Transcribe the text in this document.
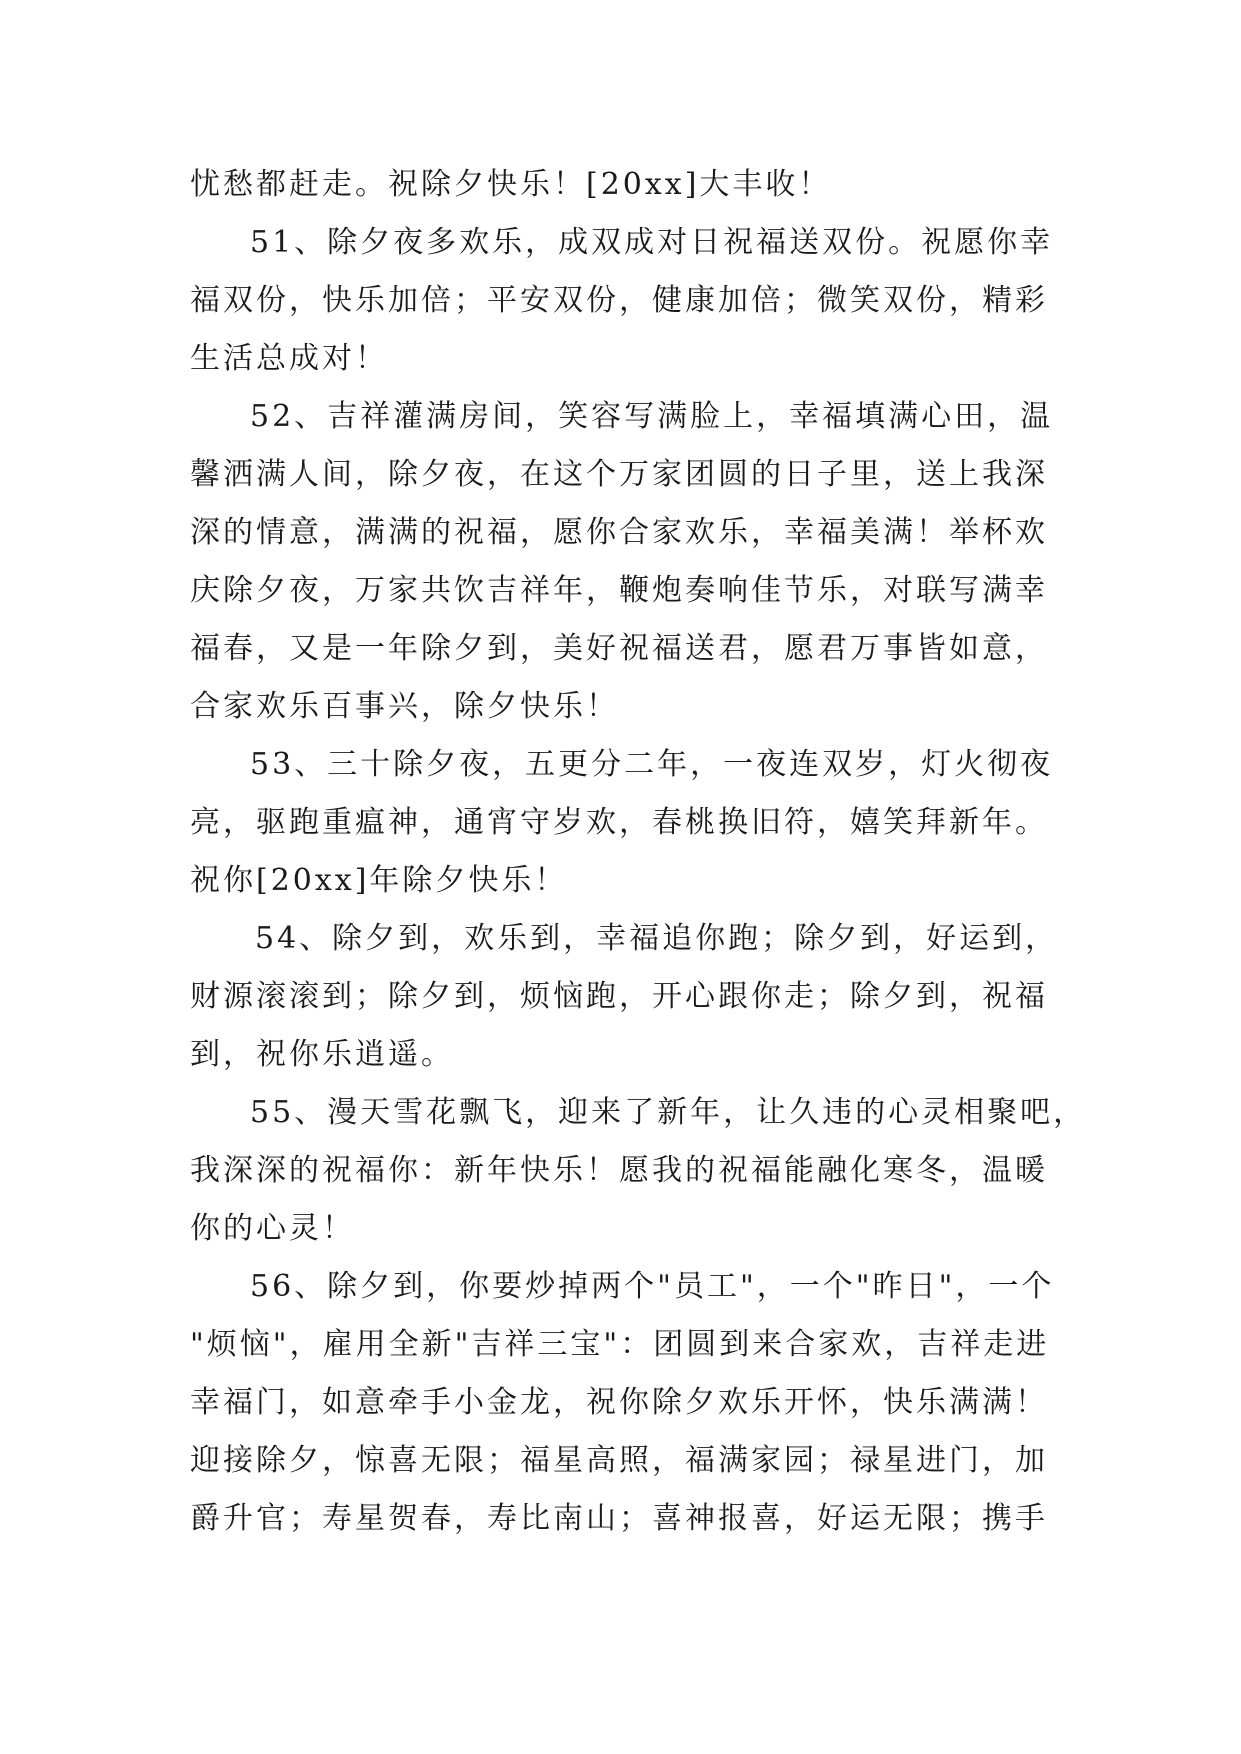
忧愁都赶走。祝除夕快乐！[20xx]大丰收！

51、除夕夜多欢乐，成双成对日祝福送双份。祝愿你幸

福双份，快乐加倍；平安双份，健康加倍；微笑双份，精彩

生活总成对！

52、吉祥灌满房间，笑容写满脸上，幸福填满心田，温

馨洒满人间，除夕夜，在这个万家团圆的日子里，送上我深

深的情意，满满的祝福，愿你合家欢乐，幸福美满！举杯欢

庆除夕夜，万家共饮吉祥年，鞭炮奏响佳节乐，对联写满幸

福春，又是一年除夕到，美好祝福送君，愿君万事皆如意，

合家欢乐百事兴，除夕快乐！

53、三十除夕夜，五更分二年，一夜连双岁，灯火彻夜

亮，驱跑重瘟神，通宵守岁欢，春桃换旧符，嬉笑拜新年。

祝你[20xx]年除夕快乐！

54、除夕到，欢乐到，幸福追你跑；除夕到，好运到，

财源滚滚到；除夕到，烦恼跑，开心跟你走；除夕到，祝福

到，祝你乐逍遥。

55、漫天雪花飘飞，迎来了新年，让久违的心灵相聚吧，

我深深的祝福你：新年快乐！愿我的祝福能融化寒冬，温暖

你的心灵！

56、除夕到，你要炒掉两个"员工"，一个"昨日"，一个

"烦恼"，雇用全新"吉祥三宝"：团圆到来合家欢，吉祥走进

幸福门，如意牵手小金龙，祝你除夕欢乐开怀，快乐满满！

迎接除夕，惊喜无限；福星高照，福满家园；禄星进门，加

爵升官；寿星贺春，寿比南山；喜神报喜，好运无限；携手
